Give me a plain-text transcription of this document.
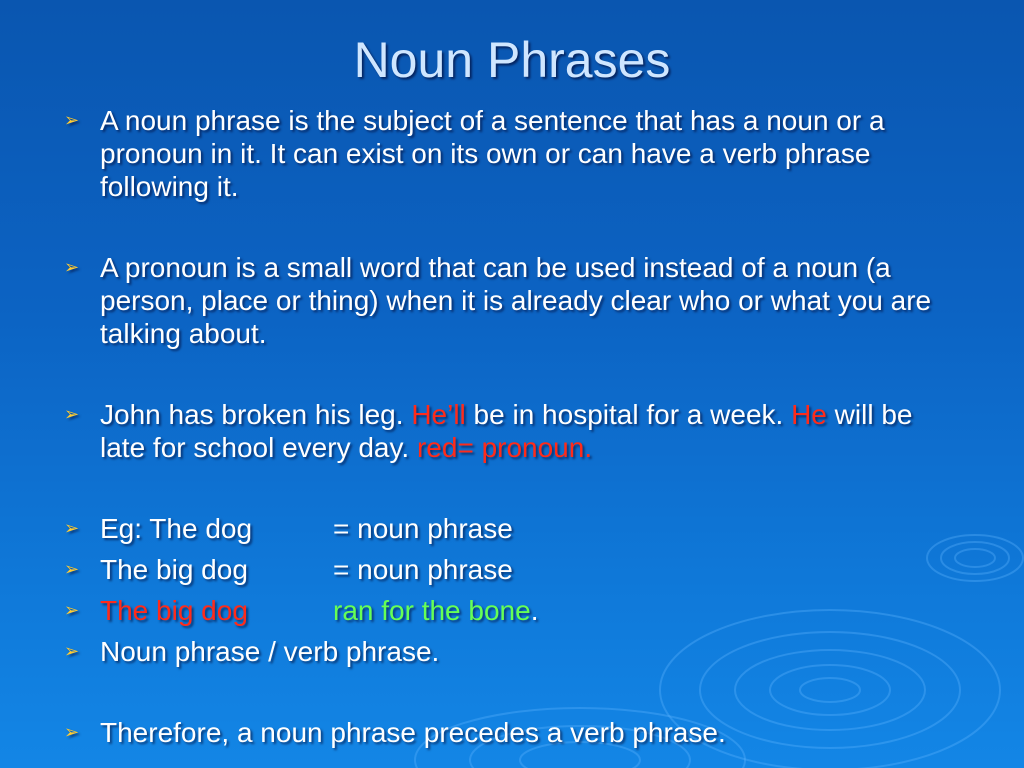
Noun Phrases
➢ A noun phrase is the subject of a sentence that has a noun or a pronoun in it. It can exist on its own or can have a verb phrase following it.
➢ A pronoun is a small word that can be used instead of a noun (a person, place or thing) when it is already clear who or what you are talking about.
➢ John has broken his leg. He’ll be in hospital for a week. He will be late for school every day. red= pronoun.
➢ Eg: The dog	= noun phrase
➢ The big dog	= noun phrase
➢ The big dog	ran for the bone.
➢ Noun phrase / verb phrase.
➢ Therefore, a noun phrase precedes a verb phrase.
